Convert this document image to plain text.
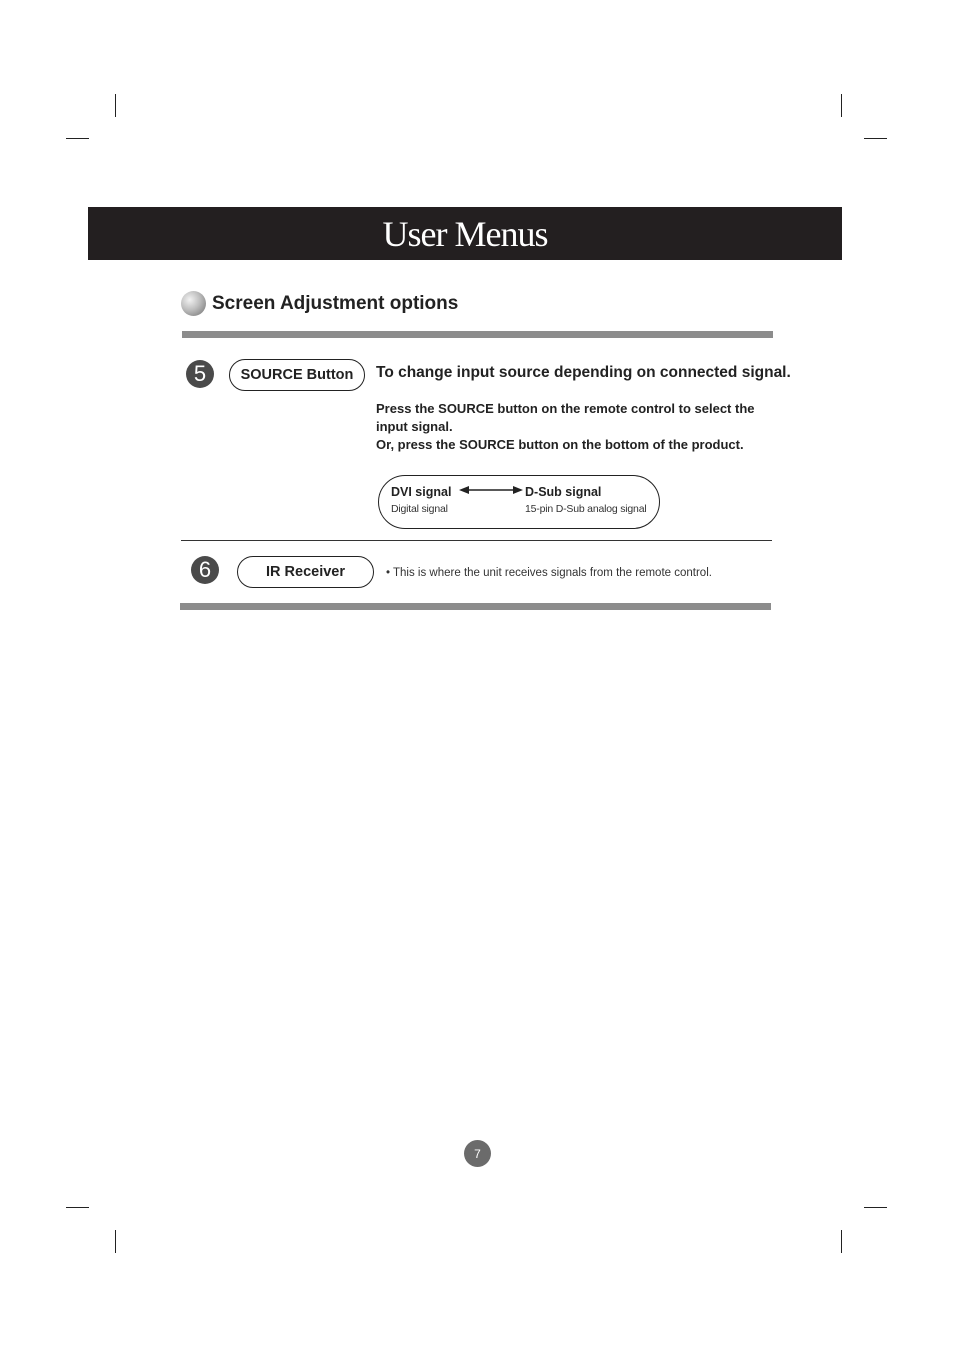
User Menus
Screen Adjustment options
5	SOURCE Button	To change input source depending on connected signal.
Press the SOURCE button on the remote control to select the
input signal.
Or, press the SOURCE button on the bottom of the product.
DVI signal	D-Sub signal
Digital signal	15-pin D-Sub analog signal
6	IR Receiver	• This is where the unit receives signals from the remote control.
7
